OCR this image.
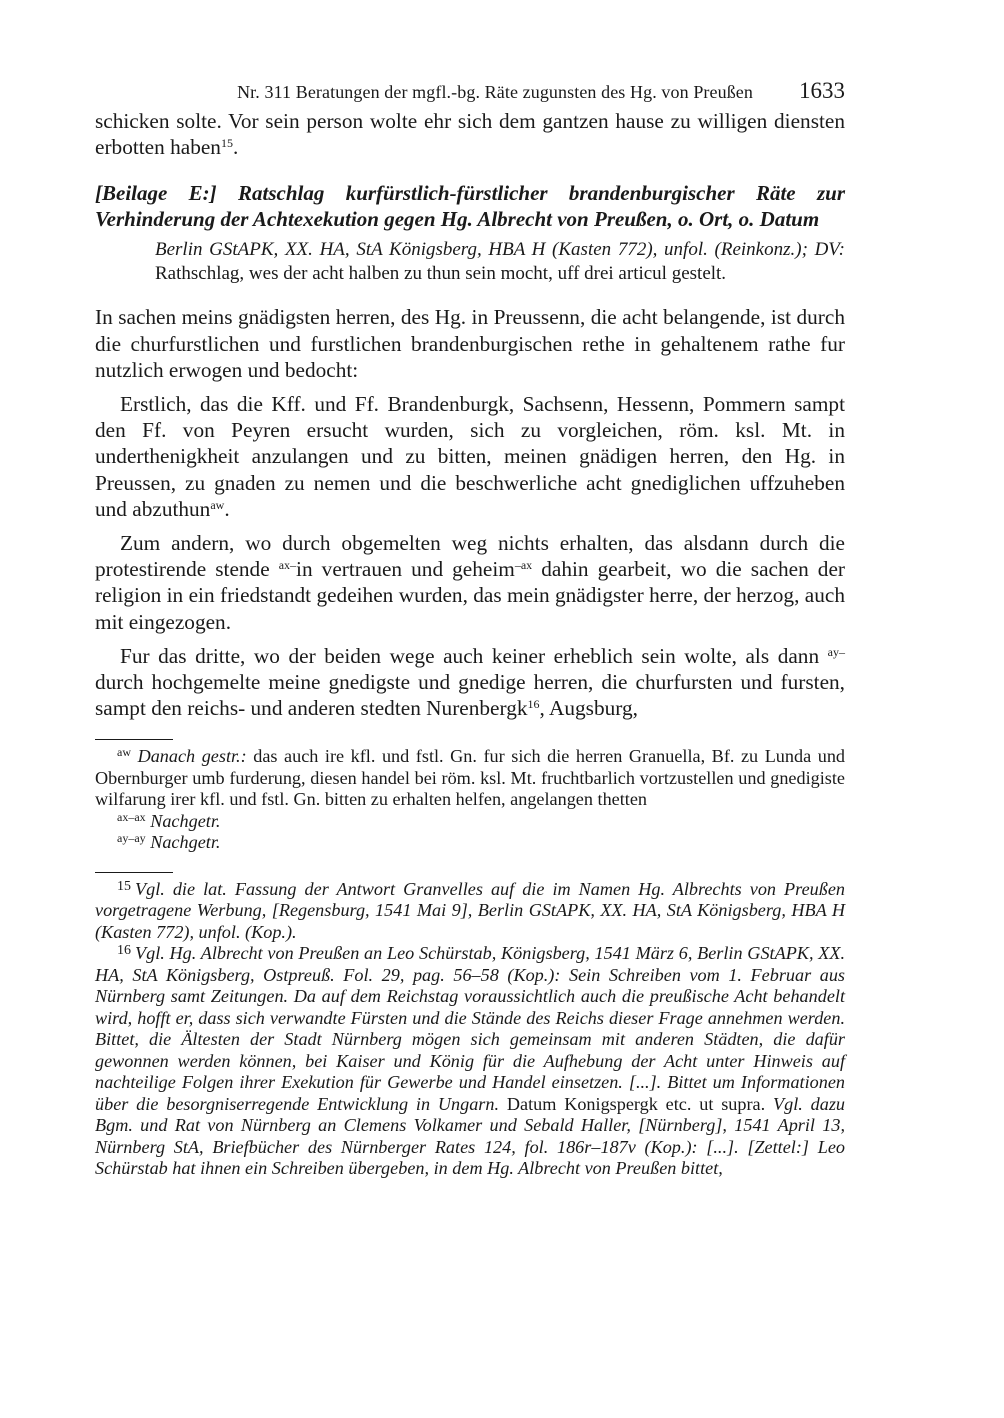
Nr. 311 Beratungen der mgfl.-bg. Räte zugunsten des Hg. von Preußen 1633

schicken solte. Vor sein person wolte ehr sich dem gantzen hause zu willigen diensten erbotten haben$^{15}$.

[Beilage E:] Ratschlag kurfürstlich-fürstlicher brandenburgischer Räte zur Verhinderung der Achtexekution gegen Hg. Albrecht von Preußen, o. Ort, o. Datum

Berlin GStAPK, XX. HA, StA Königsberg, HBA H (Kasten 772), unfol. (Reinkonz.); DV: Rathschlag, wes der acht halben zu thun sein mocht, uff drei articul gestelt.

In sachen meins gnädigsten herren, des Hg. in Preussenn, die acht belangende, ist durch die churfurstlichen und furstlichen brandenburgischen rethe in gehaltenem rathe fur nutzlich erwogen und bedocht:

Erstlich, das die Kff. und Ff. Brandenburgk, Sachsenn, Hessenn, Pommern sampt den Ff. von Peyren ersucht wurden, sich zu vorgleichen, röm. ksl. Mt. in underthenigkheit anzulangen und zu bitten, meinen gnädigen herren, den Hg. in Preussen, zu gnaden zu nemen und die beschwerliche acht gnediglichen uffzuheben und abzuthun$^{aw}$.

Zum andern, wo durch obgemelten weg nichts erhalten, das alsdann durch die protestirende stende $^{ax-}$in vertrauen und geheim$^{-ax}$ dahin gearbeit, wo die sachen der religion in ein friedstandt gedeihen wurden, das mein gnädigster herre, der herzog, auch mit eingezogen.

Fur das dritte, wo der beiden wege auch keiner erheblich sein wolte, als dann $^{ay-}$durch hochgemelte meine gnedigste und gnedige herren, die churfursten und fursten, sampt den reichs- und anderen stedten Nurenbergk$^{16}$, Augsburg,

$^{aw}$ Danach gestr.: das auch ire kfl. und fstl. Gn. fur sich die herren Granuella, Bf. zu Lunda und Obernburger umb furderung, diesen handel bei röm. ksl. Mt. fruchtbarlich vortzustellen und gnedigiste wilfarung irer kfl. und fstl. Gn. bitten zu erhalten helfen, angelangen thetten

$^{ax-ax}$ Nachgetr.

$^{ay-ay}$ Nachgetr.

$^{15}$ Vgl. die lat. Fassung der Antwort Granvelles auf die im Namen Hg. Albrechts von Preußen vorgetragene Werbung, [Regensburg, 1541 Mai 9], Berlin GStAPK, XX. HA, StA Königsberg, HBA H (Kasten 772), unfol. (Kop.).

$^{16}$ Vgl. Hg. Albrecht von Preußen an Leo Schürstab, Königsberg, 1541 März 6, Berlin GStAPK, XX. HA, StA Königsberg, Ostpreuß. Fol. 29, pag. 56–58 (Kop.): Sein Schreiben vom 1. Februar aus Nürnberg samt Zeitungen. Da auf dem Reichstag voraussichtlich auch die preußische Acht behandelt wird, hofft er, dass sich verwandte Fürsten und die Stände des Reichs dieser Frage annehmen werden. Bittet, die Ältesten der Stadt Nürnberg mögen sich gemeinsam mit anderen Städten, die dafür gewonnen werden können, bei Kaiser und König für die Aufhebung der Acht unter Hinweis auf nachteilige Folgen ihrer Exekution für Gewerbe und Handel einsetzen. [...]. Bittet um Informationen über die besorgniserregende Entwicklung in Ungarn. Datum Konigspergk etc. ut supra. Vgl. dazu Bgm. und Rat von Nürnberg an Clemens Volkamer und Sebald Haller, [Nürnberg], 1541 April 13, Nürnberg StA, Briefbücher des Nürnberger Rates 124, fol. 186r–187v (Kop.): [...]. [Zettel:] Leo Schürstab hat ihnen ein Schreiben übergeben, in dem Hg. Albrecht von Preußen bittet,
